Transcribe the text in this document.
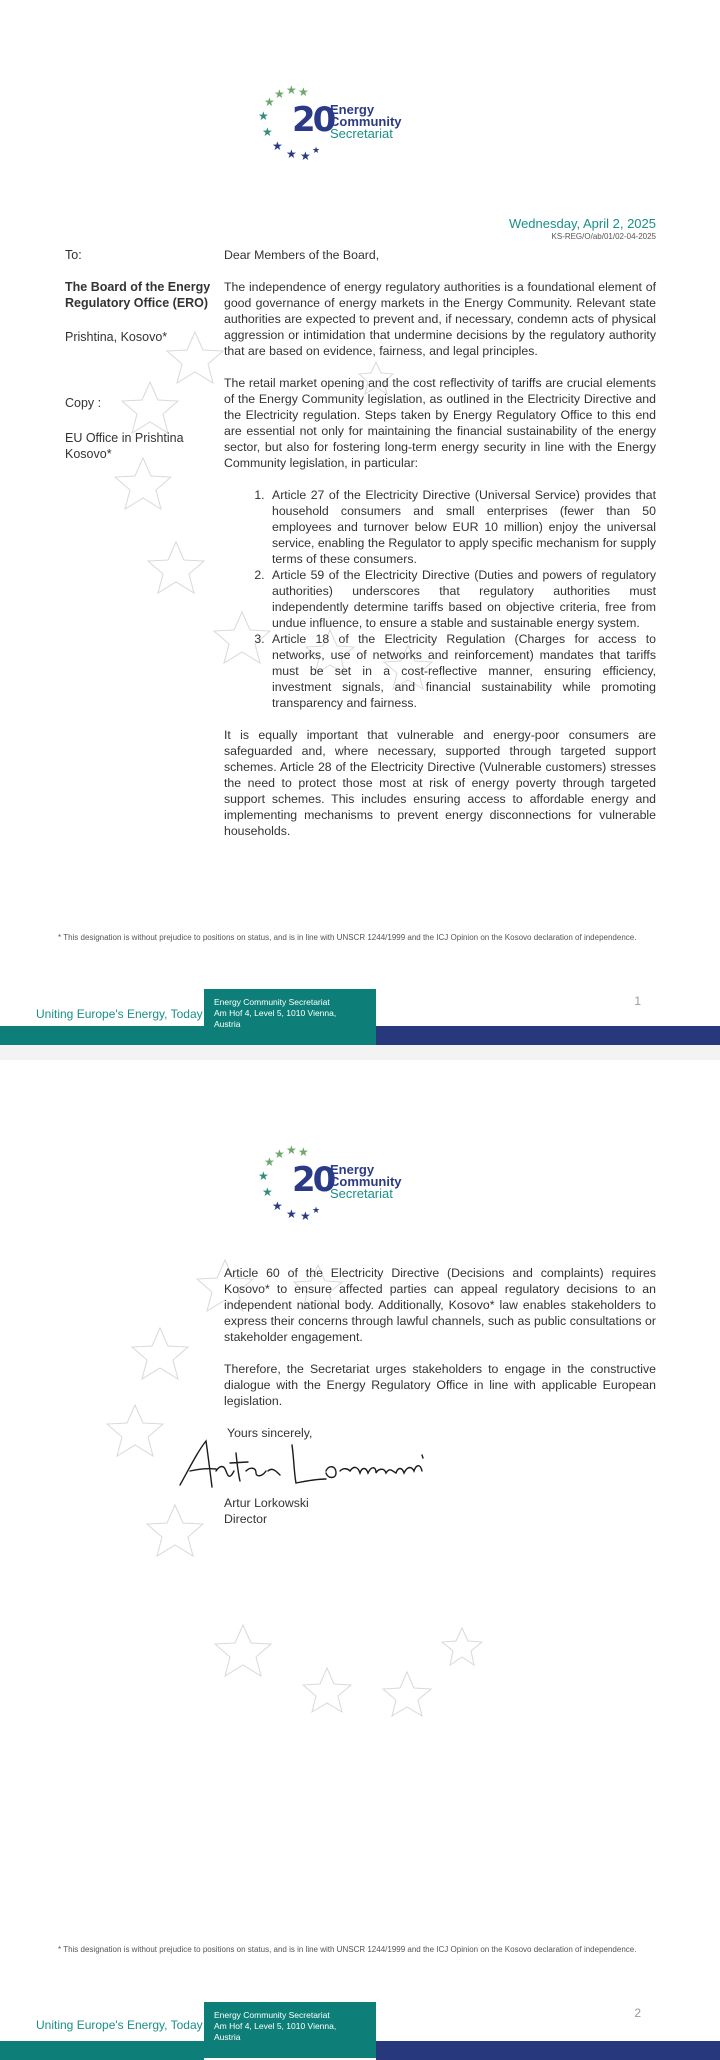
★
★ ★ ★
★
★
★
★ ★ ★
20
Energy
Community
Secretariat
Wednesday, April 2, 2025
KS-REG/O/ab/01/02-04-2025
To:
The Board of the Energy Regulatory Office (ERO)
Prishtina, Kosovo*
Copy :
EU Office in Prishtina Kosovo*

Dear Members of the Board,

The independence of energy regulatory authorities is a foundational element of good governance of energy markets in the Energy Community. Relevant state authorities are expected to prevent and, if necessary, condemn acts of physical aggression or intimidation that undermine decisions by the regulatory authority that are based on evidence, fairness, and legal principles.

The retail market opening and the cost reflectivity of tariffs are crucial elements of the Energy Community legislation, as outlined in the Electricity Directive and the Electricity regulation. Steps taken by Energy Regulatory Office to this end are essential not only for maintaining the financial sustainability of the energy sector, but also for fostering long-term energy security in line with the Energy Community legislation, in particular:

1. Article 27 of the Electricity Directive (Universal Service) provides that household consumers and small enterprises (fewer than 50 employees and turnover below EUR 10 million) enjoy the universal service, enabling the Regulator to apply specific mechanism for supply terms of these consumers.
2. Article 59 of the Electricity Directive (Duties and powers of regulatory authorities) underscores that regulatory authorities must independently determine tariffs based on objective criteria, free from undue influence, to ensure a stable and sustainable energy system.
3. Article 18 of the Electricity Regulation (Charges for access to networks, use of networks and reinforcement) mandates that tariffs must be set in a cost-reflective manner, ensuring efficiency, investment signals, and financial sustainability while promoting transparency and fairness.

It is equally important that vulnerable and energy-poor consumers are safeguarded and, where necessary, supported through targeted support schemes. Article 28 of the Electricity Directive (Vulnerable customers) stresses the need to protect those most at risk of energy poverty through targeted support schemes. This includes ensuring access to affordable energy and implementing mechanisms to prevent energy disconnections for vulnerable households.

* This designation is without prejudice to positions on status, and is in line with UNSCR 1244/1999 and the ICJ Opinion on the Kosovo declaration of independence.
1
Uniting Europe's Energy, Today
Energy Community Secretariat
Am Hof 4, Level 5, 1010 Vienna,
Austria
★
★ ★ ★
★
★
★
★ ★ ★
20
Energy
Community
Secretariat

Article 60 of the Electricity Directive (Decisions and complaints) requires Kosovo* to ensure affected parties can appeal regulatory decisions to an independent national body. Additionally, Kosovo* law enables stakeholders to express their concerns through lawful channels, such as public consultations or stakeholder engagement.

Therefore, the Secretariat urges stakeholders to engage in the constructive dialogue with the Energy Regulatory Office in line with applicable European legislation.

Yours sincerely,

Artur Lorkowski
Director
* This designation is without prejudice to positions on status, and is in line with UNSCR 1244/1999 and the ICJ Opinion on the Kosovo declaration of independence.
2
Uniting Europe's Energy, Today
Energy Community Secretariat
Am Hof 4, Level 5, 1010 Vienna,
Austria
